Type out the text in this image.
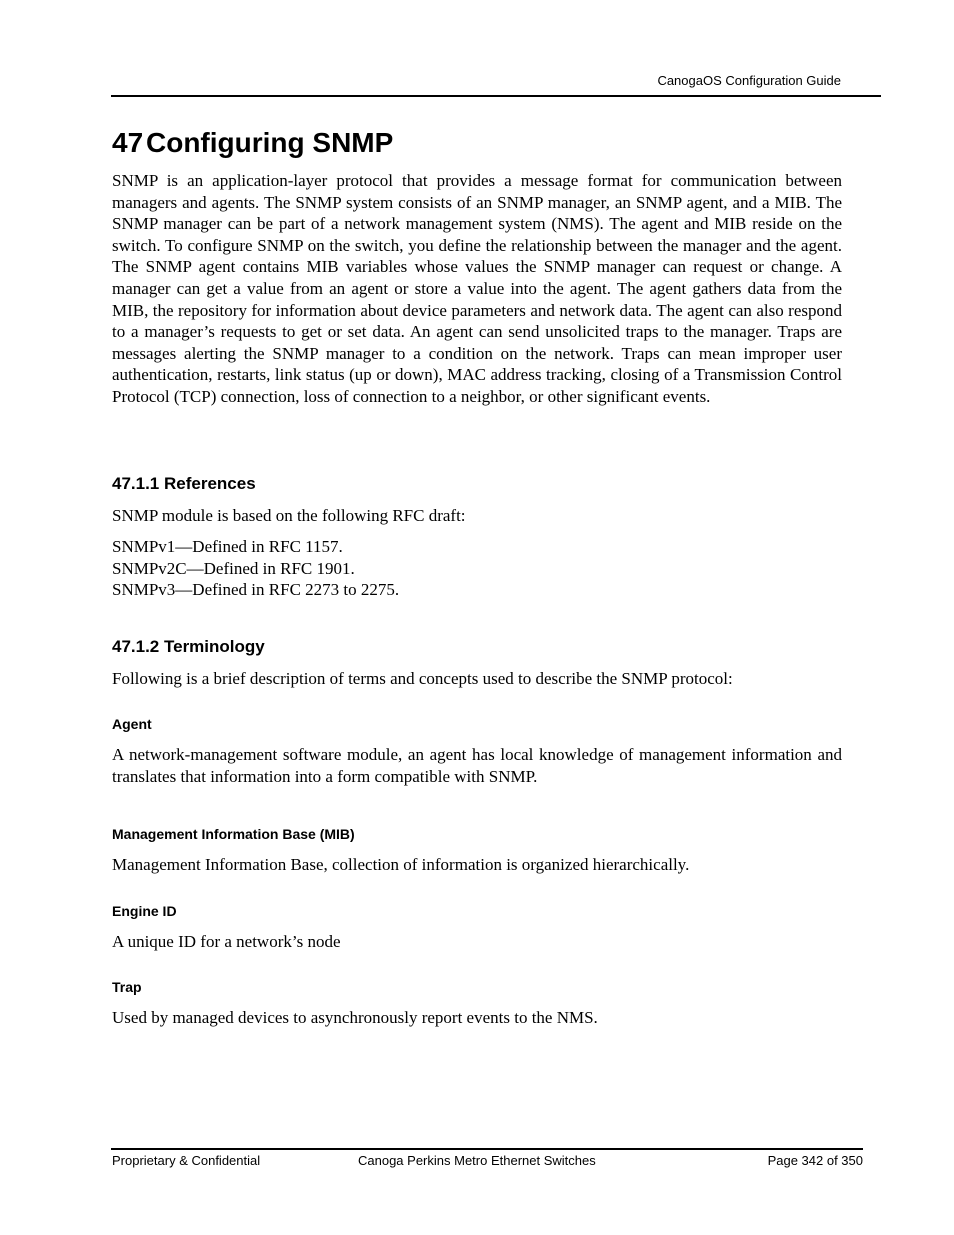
CanogaOS Configuration Guide
47 Configuring SNMP

SNMP is an application-layer protocol that provides a message format for communication between managers and agents. The SNMP system consists of an SNMP manager, an SNMP agent, and a MIB. The SNMP manager can be part of a network management system (NMS). The agent and MIB reside on the switch. To configure SNMP on the switch, you define the relationship between the manager and the agent. The SNMP agent contains MIB variables whose values the SNMP manager can request or change. A manager can get a value from an agent or store a value into the agent. The agent gathers data from the MIB, the repository for information about device parameters and network data. The agent can also respond to a manager’s requests to get or set data. An agent can send unsolicited traps to the manager. Traps are messages alerting the SNMP manager to a condition on the network. Traps can mean improper user authentication, restarts, link status (up or down), MAC address tracking, closing of a Transmission Control Protocol (TCP) connection, loss of connection to a neighbor, or other significant events.

47.1.1 References

SNMP module is based on the following RFC draft:

SNMPv1—Defined in RFC 1157.
SNMPv2C—Defined in RFC 1901.
SNMPv3—Defined in RFC 2273 to 2275.
47.1.2 Terminology

Following is a brief description of terms and concepts used to describe the SNMP protocol:

Agent

A network-management software module, an agent has local knowledge of management information and translates that information into a form compatible with SNMP.

Management Information Base (MIB)

Management Information Base, collection of information is organized hierarchically.

Engine ID

A unique ID for a network’s node

Trap

Used by managed devices to asynchronously report events to the NMS.

Proprietary & Confidential	Canoga Perkins Metro Ethernet Switches	Page 342 of 350
